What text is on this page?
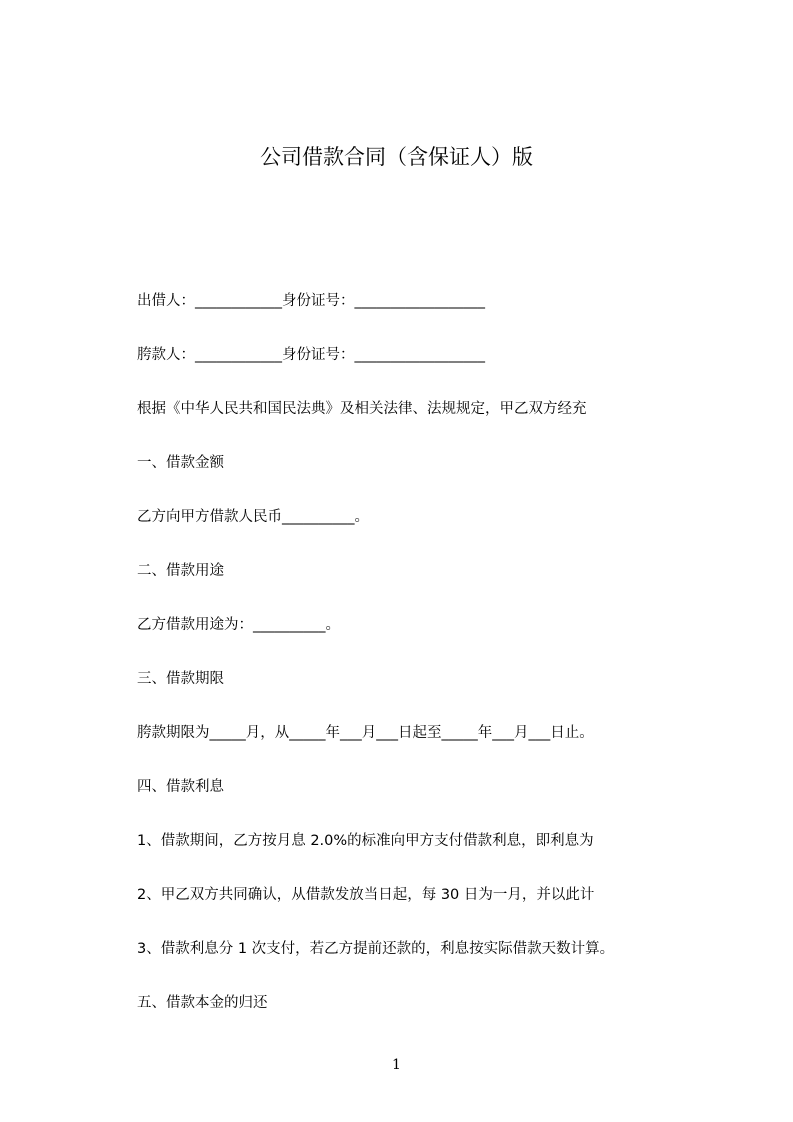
公司借款合同（含保证人）版
出借人：____________身份证号：__________________
胯款人：____________身份证号：__________________
根据《中华人民共和国民法典》及相关法律、法规规定，甲乙双方经充
一、借款金额
乙方向甲方借款人民币__________。
二、借款用途
乙方借款用途为：__________。
三、借款期限
胯款期限为_____月，从_____年___月___日起至_____年___月___日止。
四、借款利息
1、借款期间，乙方按月息 2.0%的标准向甲方支付借款利息，即利息为
2、甲乙双方共同确认，从借款发放当日起，每 30 日为一月，并以此计
3、借款利息分 1 次支付，若乙方提前还款的，利息按实际借款天数计算。
五、借款本金的归还
1
